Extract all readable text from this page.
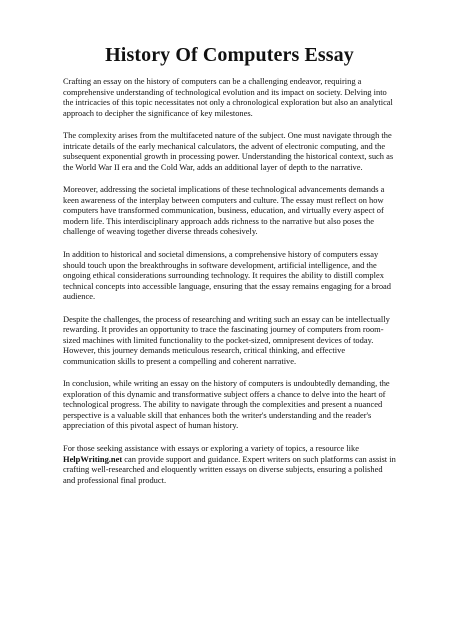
History Of Computers Essay

Crafting an essay on the history of computers can be a challenging endeavor, requiring a comprehensive understanding of technological evolution and its impact on society. Delving into the intricacies of this topic necessitates not only a chronological exploration but also an analytical approach to decipher the significance of key milestones.

The complexity arises from the multifaceted nature of the subject. One must navigate through the intricate details of the early mechanical calculators, the advent of electronic computing, and the subsequent exponential growth in processing power. Understanding the historical context, such as the World War II era and the Cold War, adds an additional layer of depth to the narrative.

Moreover, addressing the societal implications of these technological advancements demands a keen awareness of the interplay between computers and culture. The essay must reflect on how computers have transformed communication, business, education, and virtually every aspect of modern life. This interdisciplinary approach adds richness to the narrative but also poses the challenge of weaving together diverse threads cohesively.

In addition to historical and societal dimensions, a comprehensive history of computers essay should touch upon the breakthroughs in software development, artificial intelligence, and the ongoing ethical considerations surrounding technology. It requires the ability to distill complex technical concepts into accessible language, ensuring that the essay remains engaging for a broad audience.

Despite the challenges, the process of researching and writing such an essay can be intellectually rewarding. It provides an opportunity to trace the fascinating journey of computers from room-sized machines with limited functionality to the pocket-sized, omnipresent devices of today. However, this journey demands meticulous research, critical thinking, and effective communication skills to present a compelling and coherent narrative.

In conclusion, while writing an essay on the history of computers is undoubtedly demanding, the exploration of this dynamic and transformative subject offers a chance to delve into the heart of technological progress. The ability to navigate through the complexities and present a nuanced perspective is a valuable skill that enhances both the writer's understanding and the reader's appreciation of this pivotal aspect of human history.

For those seeking assistance with essays or exploring a variety of topics, a resource like HelpWriting.net can provide support and guidance. Expert writers on such platforms can assist in crafting well-researched and eloquently written essays on diverse subjects, ensuring a polished and professional final product.
